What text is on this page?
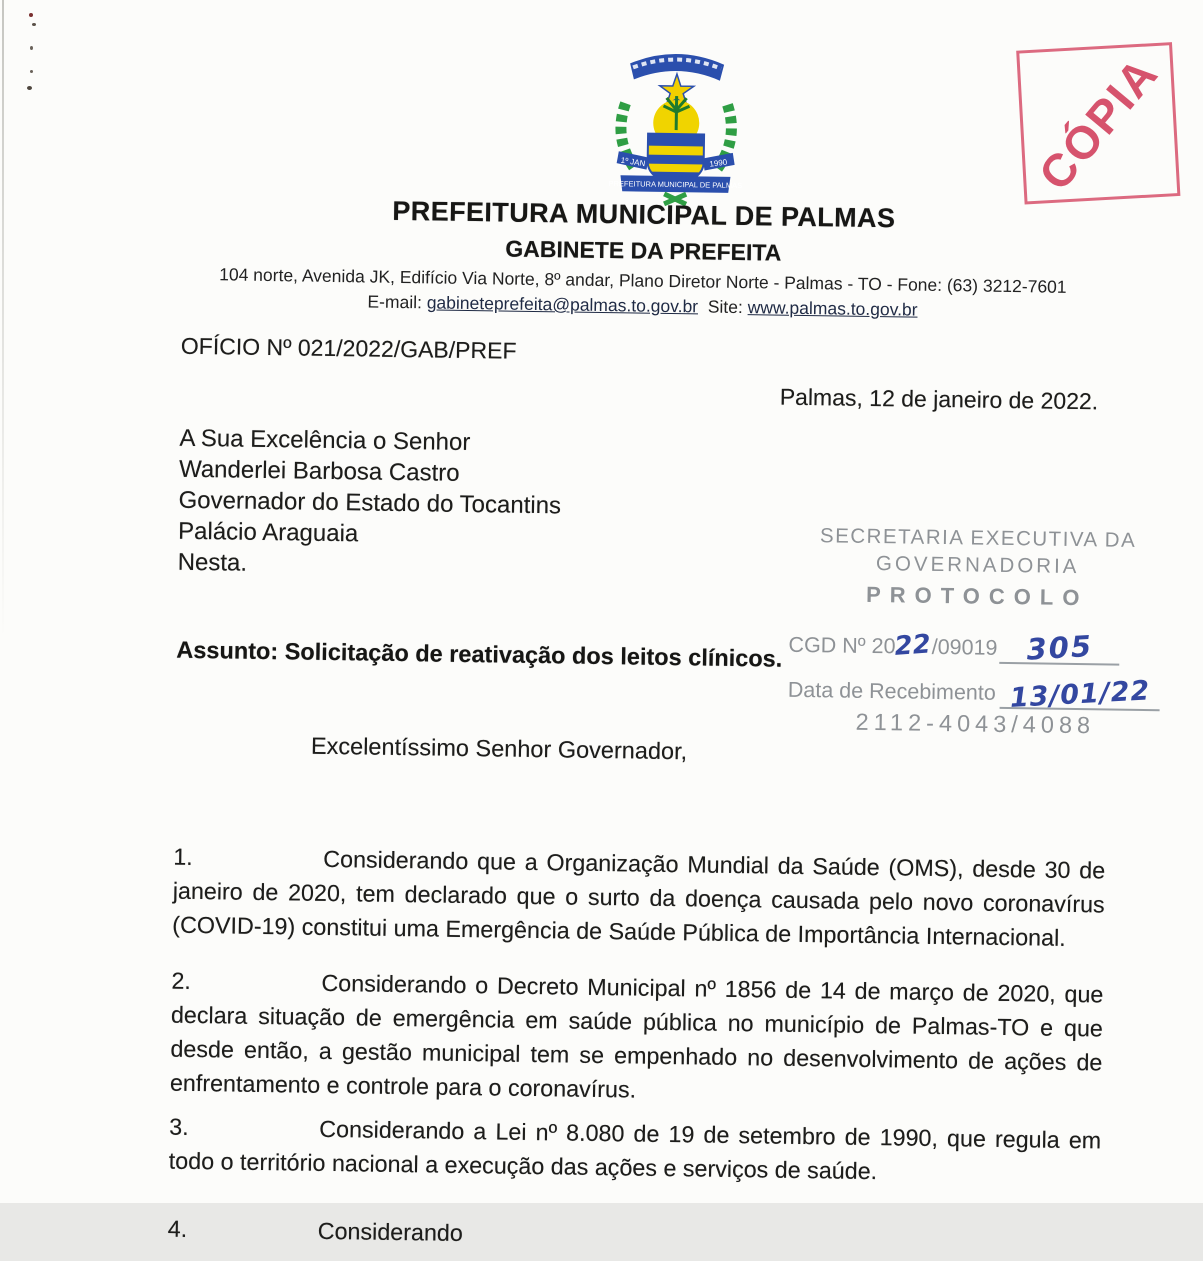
1º JAN	1990
PREFEITURA MUNICIPAL DE PALMAS	CÓPIA
PREFEITURA MUNICIPAL DE PALMAS
GABINETE DA PREFEITA
104 norte, Avenida JK, Edifício Via Norte, 8º andar, Plano Diretor Norte - Palmas - TO - Fone: (63) 3212-7601
E-mail: gabineteprefeita@palmas.to.gov.br  Site: www.palmas.to.gov.br
OFÍCIO Nº 021/2022/GAB/PREF
Palmas, 12 de janeiro de 2022.
A Sua Excelência o Senhor
Wanderlei Barbosa Castro
Governador do Estado do Tocantins
Palácio Araguaia
Nesta.
SECRETARIA EXECUTIVA DA
GOVERNADORIA
PROTOCOLO
CGD Nº 2022/09019 305
Data de Recebimento 13/01/22
2112-4043/4088
Assunto: Solicitação de reativação dos leitos clínicos.
Excelentíssimo Senhor Governador,

1.	Considerando que a Organização Mundial da Saúde (OMS), desde 30 de janeiro de 2020, tem declarado que o surto da doença causada pelo novo coronavírus (COVID-19) constitui uma Emergência de Saúde Pública de Importância Internacional.

2.	Considerando o Decreto Municipal nº 1856 de 14 de março de 2020, que declara situação de emergência em saúde pública no município de Palmas-TO e que desde então, a gestão municipal tem se empenhado no desenvolvimento de ações de enfrentamento e controle para o coronavírus.

3.	Considerando a Lei nº 8.080 de 19 de setembro de 1990, que regula em todo o território nacional a execução das ações e serviços de saúde.

4.	Considerando
